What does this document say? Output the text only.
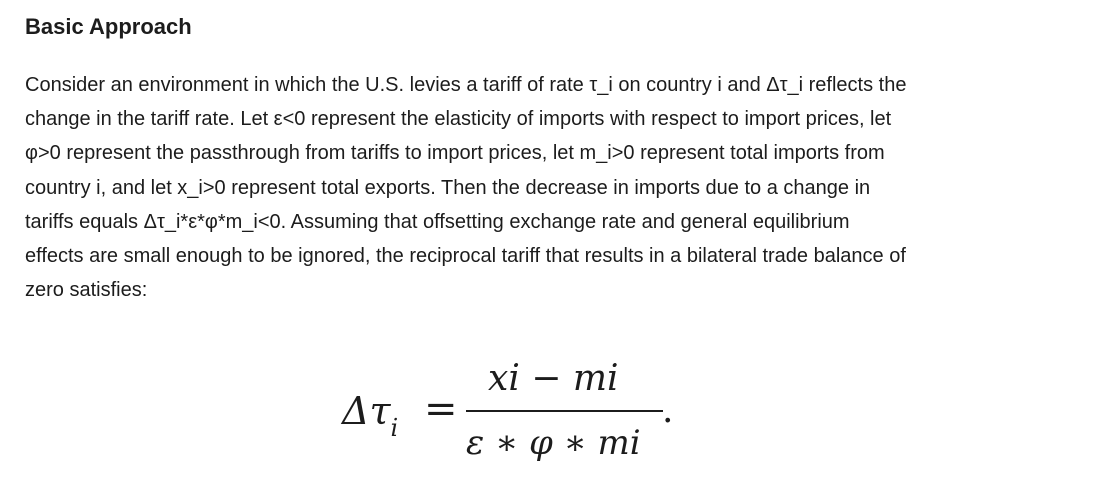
Basic Approach

Consider an environment in which the U.S. levies a tariff of rate τ_i on country i and Δτ_i reflects the
change in the tariff rate. Let ε<0 represent the elasticity of imports with respect to import prices, let
φ>0 represent the passthrough from tariffs to import prices, let m_i>0 represent total imports from
country i, and let x_i>0 represent total exports. Then the decrease in imports due to a change in
tariffs equals Δτ_i*ε*φ*m_i<0. Assuming that offsetting exchange rate and general equilibrium
effects are small enough to be ignored, the reciprocal tariff that results in a bilateral trade balance of
zero satisfies:

$\Delta\tau_i$ =
xi − mi
ε ∗ φ ∗ mi
.
